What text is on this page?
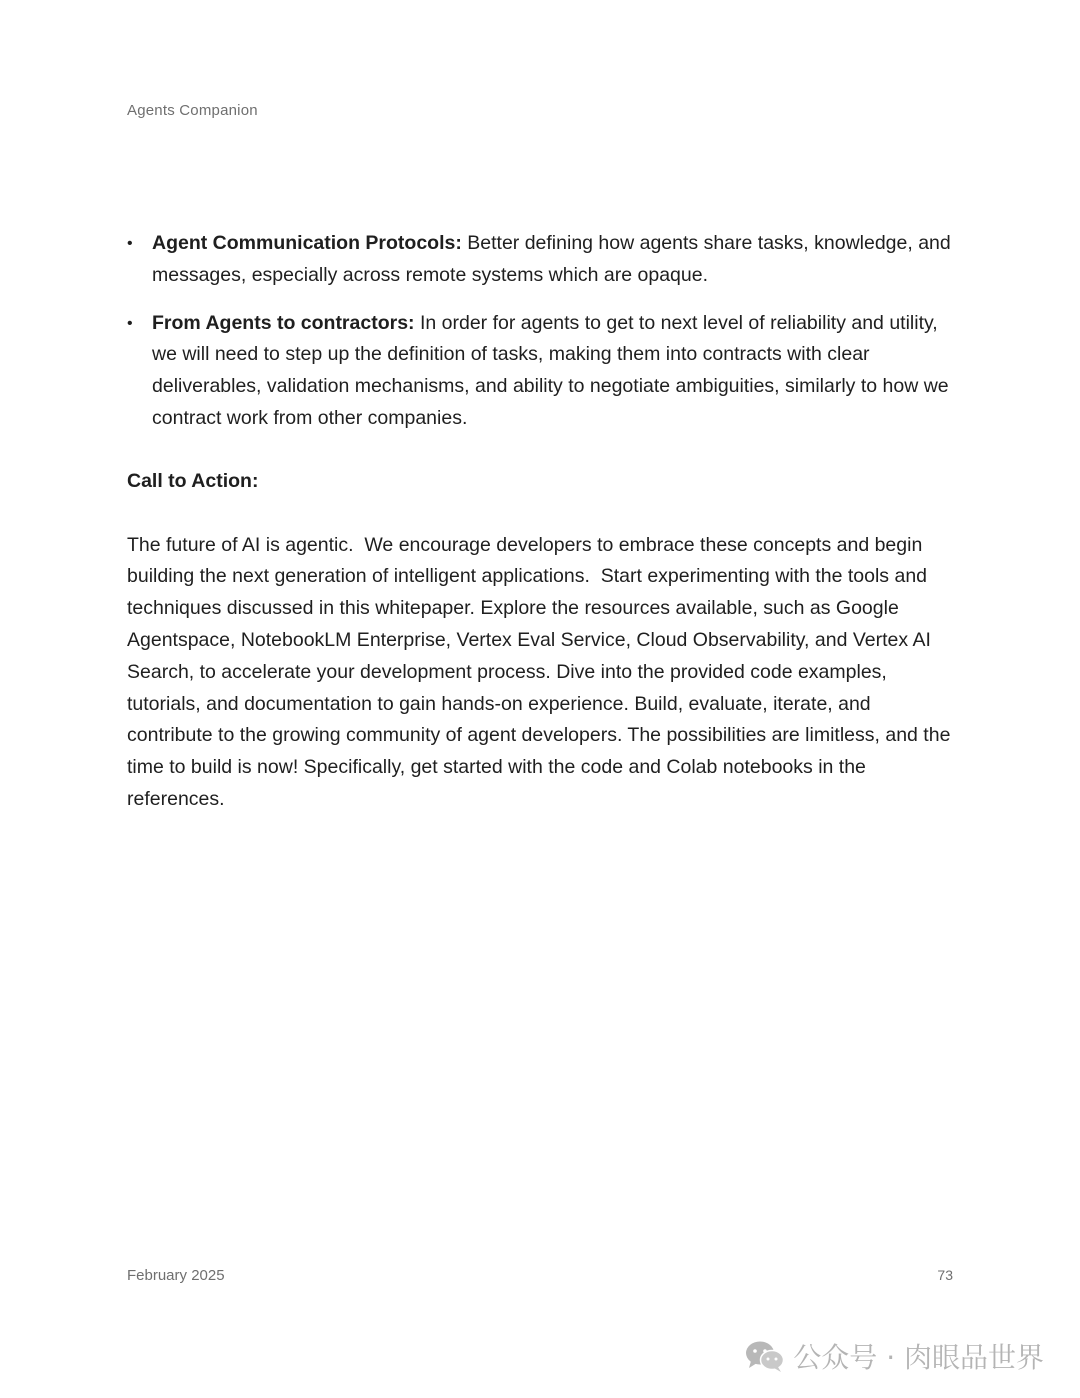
Agents Companion
• Agent Communication Protocols: Better defining how agents share tasks, knowledge, and messages, especially across remote systems which are opaque.
• From Agents to contractors: In order for agents to get to next level of reliability and utility, we will need to step up the definition of tasks, making them into contracts with clear deliverables, validation mechanisms, and ability to negotiate ambiguities, similarly to how we contract work from other companies.
Call to Action:
The future of AI is agentic.  We encourage developers to embrace these concepts and begin building the next generation of intelligent applications.  Start experimenting with the tools and techniques discussed in this whitepaper. Explore the resources available, such as Google Agentspace, NotebookLM Enterprise, Vertex Eval Service, Cloud Observability, and Vertex AI Search, to accelerate your development process. Dive into the provided code examples, tutorials, and documentation to gain hands-on experience. Build, evaluate, iterate, and contribute to the growing community of agent developers. The possibilities are limitless, and the time to build is now! Specifically, get started with the code and Colab notebooks in the references.
February 2025	73
公众号 · 肉眼品世界
